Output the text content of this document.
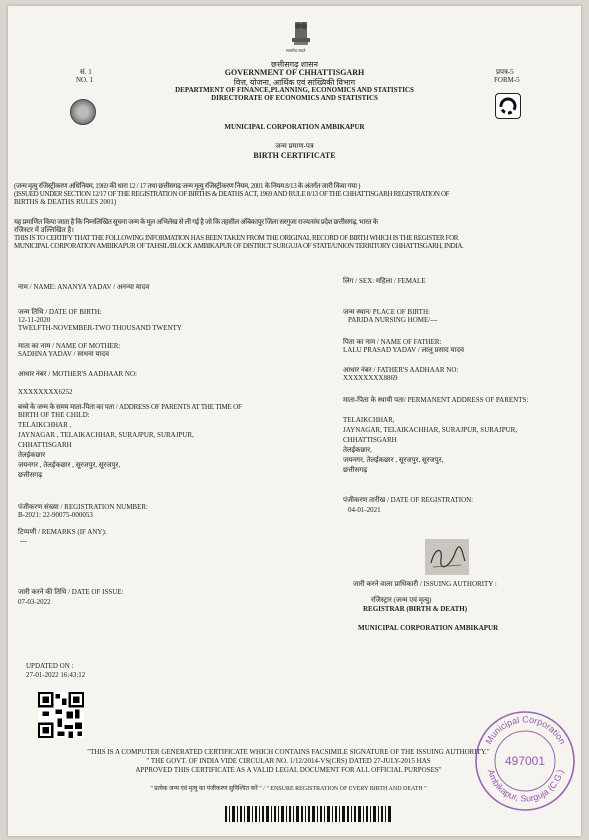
सं. 1
NO. 1
प्रपत्र-5
FORM-5
सत्यमेव जयते
छत्तीसगढ़ शासन
GOVERNMENT OF CHHATTISGARH
वित्त, योजना, आर्थिक एवं सांख्यिकी विभाग
DEPARTMENT OF FINANCE,PLANNING, ECONOMICS AND STATISTICS
DIRECTORATE OF ECONOMICS AND STATISTICS
MUNICIPAL CORPORATION AMBIKAPUR
जन्म प्रमाण-पत्र
BIRTH CERTIFICATE
(जन्म मृत्यु रजिस्ट्रीकरण अधिनियम, 1969 की धारा 12 / 17 तथा छत्तीसगढ़ जन्म मृत्यु रजिस्ट्रीकरण नियम, 2001 के नियम 8/13 के अंतर्गत जारी किया गया )
(ISSUED UNDER SECTION 12/17 OF THE REGISTRATION OF BIRTHS & DEATHS ACT, 1969 AND RULE 8/13 OF THE CHHATTISGARH REGISTRATION OF
BIRTHS & DEATHS RULES 2001)
यह प्रमाणित किया जाता है कि निम्नलिखित सूचना जन्म के मूल अभिलेख से ली गई है जो कि तहसील अंबिकापुर जिला सरगुजा राज्य/संघ प्रदेश छत्तीसगढ़, भारत के
रजिस्टर में उल्लिखित है।
THIS IS TO CERTIFY THAT THE FOLLOWING INFORMATION HAS BEEN TAKEN FROM THE ORIGINAL RECORD OF BIRTH WHICH IS THE REGISTER FOR
MUNICIPAL CORPORATION AMBIKAPUR OF TAHSIL/BLOCK AMBIKAPUR OF DISTRICT SURGUJA OF STATE/UNION TERRITORY CHHATTISGARH, INDIA.
नाम / NAME: ANANYA YADAV / अनन्या यादव
लिंग / SEX: महिला / FEMALE
जन्म तिथि / DATE OF BIRTH:
12-11-2020
TWELFTH-NOVEMBER-TWO THOUSAND TWENTY
जन्म स्थान/ PLACE OF BIRTH:
PARIDA NURSING HOME/---
माता का नाम / NAME OF MOTHER:
SADHNA YADAV / साधना यादव
पिता का नाम / NAME OF FATHER:
LALU PRASAD YADAV / लालू प्रसाद यादव
आधार नंबर / MOTHER'S AADHAAR NO:
XXXXXXXX6252
आधार नंबर / FATHER'S AADHAAR NO:
XXXXXXXX8869
बच्चे के जन्म के समय माता-पिता का पता / ADDRESS OF PARENTS AT THE TIME OF
BIRTH OF THE CHILD:
TELAIKCHHAR ,
JAYNAGAR , TELAIKACHHAR, SURAJPUR, SURAJPUR,
CHHATTISGARH
तेलईकछार
जयनगर , तेलईकछार , सूरजपुर, सूरजपुर,
छत्तीसगढ़
माता-पिता के स्थायी पता/ PERMANENT ADDRESS OF PARENTS:
TELAIKCHHAR,
JAYNAGAR, TELAIKACHHAR, SURAJPUR, SURAJPUR,
CHHATTISGARH
तेलईकछार,
जयनगर, तेलईकछार , सूरजपुर, सूरजपुर,
छत्तीसगढ़
पंजीकरण संख्या / REGISTRATION NUMBER:
B-2021: 22-90075-000053
पंजीकरण तारीख / DATE OF REGISTRATION:
04-01-2021
टिप्पणी / REMARKS (IF ANY):
---
जारी करने की तिथि / DATE OF ISSUE:
07-03-2022
जारी करने वाला प्राधिकारी / ISSUING AUTHORITY :
रजिस्ट्रार (जन्म एवं मृत्यु)
REGISTRAR (BIRTH & DEATH)
MUNICIPAL CORPORATION AMBIKAPUR
UPDATED ON :
27-01-2022 16:43:12
"THIS IS A COMPUTER GENERATED CERTIFICATE WHICH CONTAINS FACSIMILE SIGNATURE OF THE ISSUING AUTHORITY."
" THE GOVT. OF INDIA VIDE CIRCULAR NO. 1/12/2014-VS(CRS) DATED 27-JULY-2015 HAS
APPROVED THIS CERTIFICATE AS A VALID LEGAL DOCUMENT FOR ALL OFFICIAL PURPOSES"
" प्रत्येक जन्म एवं मृत्यु का पंजीकरण सुनिश्चित करें " / " ENSURE REGISTRATION OF EVERY BIRTH AND DEATH "
Municipal Corporation
Ambikapur, Surguja (C.G.)
497001
